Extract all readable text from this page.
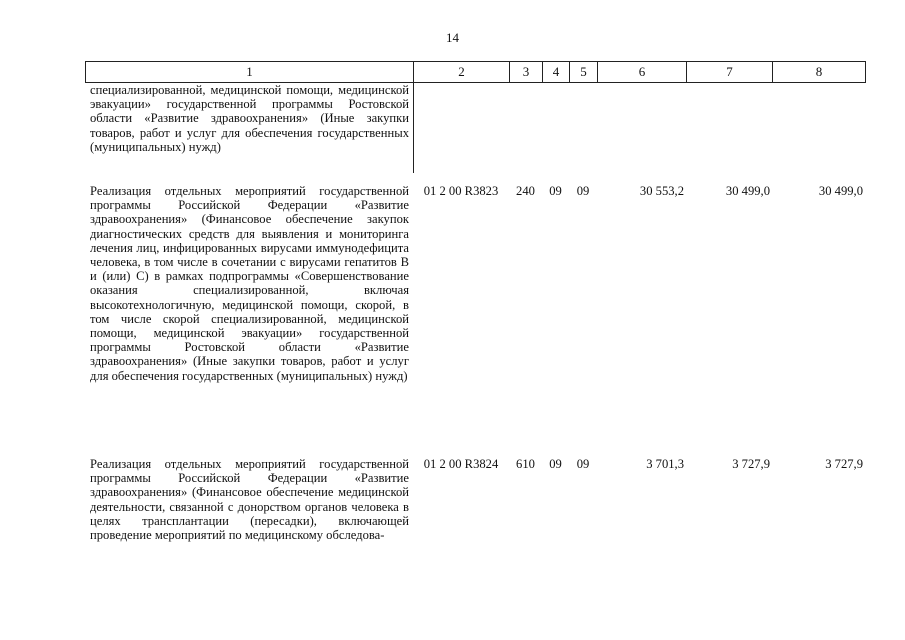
14
1	2	3	4	5	6	7	8
специализированной, медицинской помощи, медицинской эвакуации» государственной программы Ростовской области «Развитие здравоохранения» (Иные закупки товаров, работ и услуг для обеспечения государственных (муниципальных) нужд)							
Реализация отдельных мероприятий государственной программы Российской Федерации «Развитие здравоохранения» (Финансовое обеспечение закупок диагностических средств для выявления и мониторинга лечения лиц, инфицированных вирусами иммунодефицита человека, в том числе в сочетании с вирусами гепатитов В и (или) С) в рамках подпрограммы «Совершенствование оказания специализированной, включая высокотехнологичную, медицинской помощи, скорой, в том числе скорой специализированной, медицинской помощи, медицинской эвакуации» государственной программы Ростовской области «Развитие здравоохранения» (Иные закупки товаров, работ и услуг для обеспечения государственных (муниципальных) нужд)	01 2 00 R3823	240	09	09	30 553,2	30 499,0	30 499,0
Реализация отдельных мероприятий государственной программы Российской Федерации «Развитие здравоохранения» (Финансовое обеспечение медицинской деятельности, связанной с донорством органов человека в целях трансплантации (пересадки), включающей проведение мероприятий по медицинскому обследова-	01 2 00 R3824	610	09	09	3 701,3	3 727,9	3 727,9
